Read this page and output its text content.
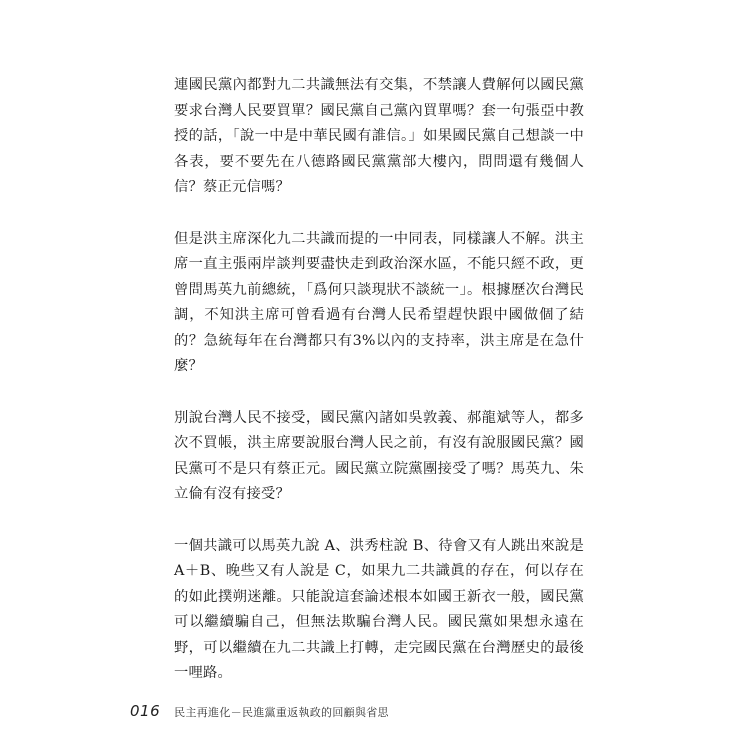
連國民黨內都對九二共識無法有交集，不禁讓人費解何以國民黨要求台灣人民要買單？國民黨自己黨內買單嗎？套一句張亞中教授的話，「說一中是中華民國有誰信。」如果國民黨自己想談一中各表，要不要先在八德路國民黨黨部大樓內，問問還有幾個人信？蔡正元信嗎？

但是洪主席深化九二共識而提的一中同表，同樣讓人不解。洪主席一直主張兩岸談判要盡快走到政治深水區，不能只經不政，更曾問馬英九前總統，「爲何只談現狀不談統一」。根據歷次台灣民調，不知洪主席可曾看過有台灣人民希望趕快跟中國做個了結的？急統每年在台灣都只有3%以內的支持率，洪主席是在急什麼？

別說台灣人民不接受，國民黨內諸如吳敦義、郝龍斌等人，都多次不買帳，洪主席要說服台灣人民之前，有沒有說服國民黨？國民黨可不是只有蔡正元。國民黨立院黨團接受了嗎？馬英九、朱立倫有沒有接受？

一個共識可以馬英九說 A、洪秀柱說 B、待會又有人跳出來說是A＋B、晚些又有人說是 C，如果九二共識眞的存在，何以存在的如此撲朔迷離。只能說這套論述根本如國王新衣一般，國民黨可以繼續騙自己，但無法欺騙台灣人民。國民黨如果想永遠在野，可以繼續在九二共識上打轉，走完國民黨在台灣歷史的最後一哩路。

016 民主再進化－民進黨重返執政的回顧與省思
